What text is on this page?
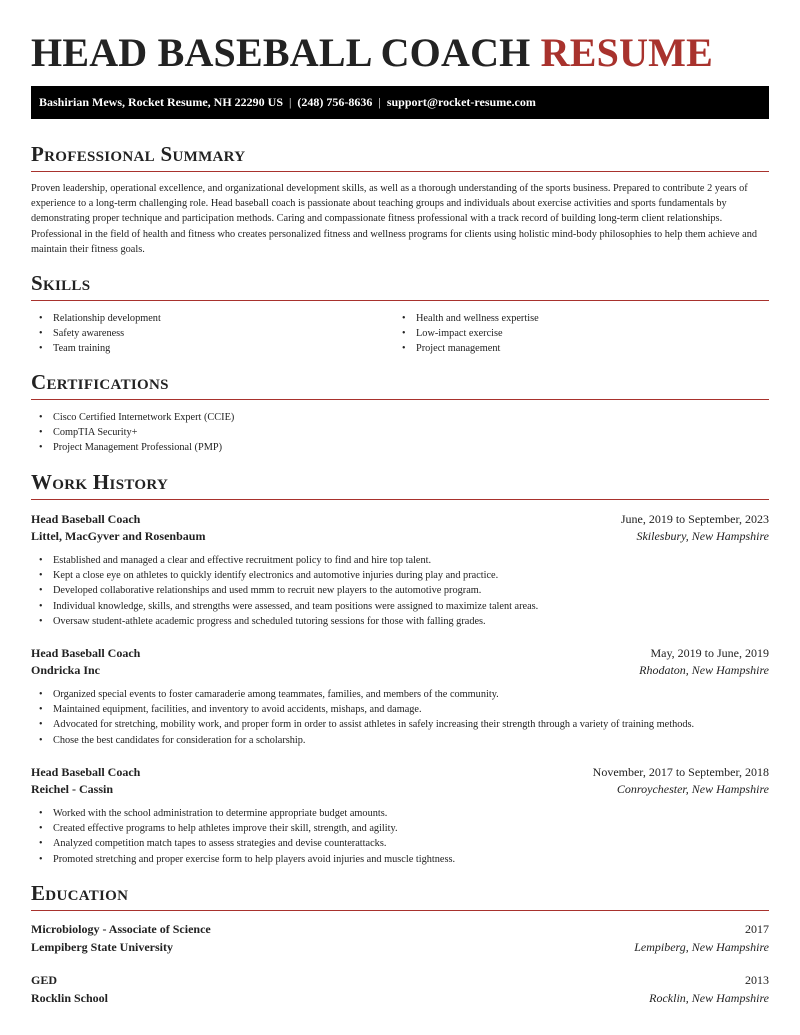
HEAD BASEBALL COACH RESUME
Bashirian Mews, Rocket Resume, NH 22290 US | (248) 756-8636 | support@rocket-resume.com
Professional Summary
Proven leadership, operational excellence, and organizational development skills, as well as a thorough understanding of the sports business. Prepared to contribute 2 years of experience to a long-term challenging role. Head baseball coach is passionate about teaching groups and individuals about exercise activities and sports fundamentals by demonstrating proper technique and participation methods. Caring and compassionate fitness professional with a track record of building long-term client relationships. Professional in the field of health and fitness who creates personalized fitness and wellness programs for clients using holistic mind-body philosophies to help them achieve and maintain their fitness goals.
Skills
• Relationship development
• Safety awareness
• Team training
• Health and wellness expertise
• Low-impact exercise
• Project management
Certifications
• Cisco Certified Internetwork Expert (CCIE)
• CompTIA Security+
• Project Management Professional (PMP)
Work History
Head Baseball Coach	June, 2019 to September, 2023
Littel, MacGyver and Rosenbaum	Skilesbury, New Hampshire
• Established and managed a clear and effective recruitment policy to find and hire top talent.
• Kept a close eye on athletes to quickly identify electronics and automotive injuries during play and practice.
• Developed collaborative relationships and used mmm to recruit new players to the automotive program.
• Individual knowledge, skills, and strengths were assessed, and team positions were assigned to maximize talent areas.
• Oversaw student-athlete academic progress and scheduled tutoring sessions for those with falling grades.
Head Baseball Coach	May, 2019 to June, 2019
Ondricka Inc	Rhodaton, New Hampshire
• Organized special events to foster camaraderie among teammates, families, and members of the community.
• Maintained equipment, facilities, and inventory to avoid accidents, mishaps, and damage.
• Advocated for stretching, mobility work, and proper form in order to assist athletes in safely increasing their strength through a variety of training methods.
• Chose the best candidates for consideration for a scholarship.
Head Baseball Coach	November, 2017 to September, 2018
Reichel - Cassin	Conroychester, New Hampshire
• Worked with the school administration to determine appropriate budget amounts.
• Created effective programs to help athletes improve their skill, strength, and agility.
• Analyzed competition match tapes to assess strategies and devise counterattacks.
• Promoted stretching and proper exercise form to help players avoid injuries and muscle tightness.
Education
Microbiology - Associate of Science	2017
Lempiberg State University	Lempiberg, New Hampshire
GED	2013
Rocklin School	Rocklin, New Hampshire
